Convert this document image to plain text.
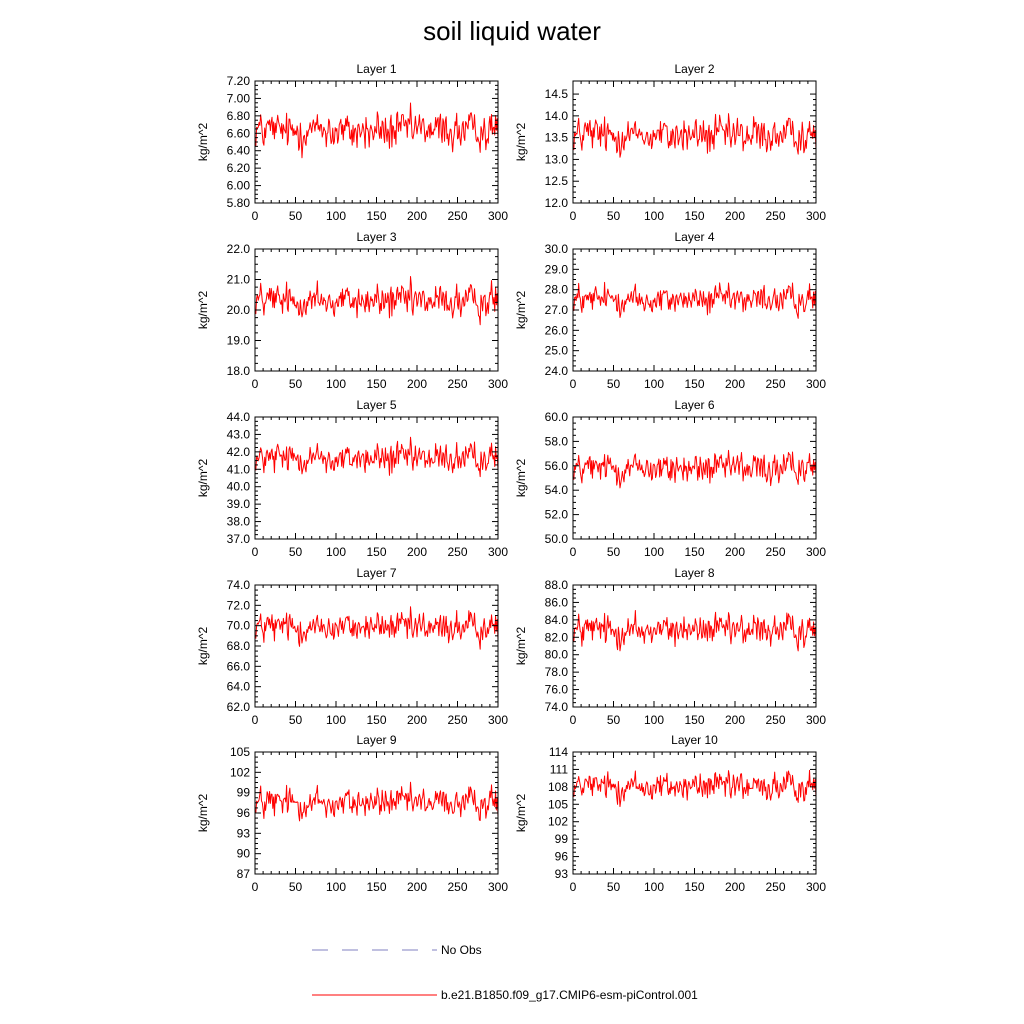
soil liquid water
Layer 1
kg/m^2
0	50 100 150 200 250 300
5.80
6.00
6.20
6.40
6.60
6.80
7.00
7.20
Layer 2
kg/m^2
0	50 100 150 200 250 300
12.0
12.5
13.0
13.5
14.0
14.5
Layer 3
kg/m^2
0	50 100 150 200 250 300
18.0
19.0
20.0
21.0
22.0
Layer 4
kg/m^2
0	50 100 150 200 250 300
24.0
25.0
26.0
27.0
28.0
29.0
30.0
Layer 5
kg/m^2
0	50 100 150 200 250 300
37.0
38.0
39.0
40.0
41.0
42.0
43.0
44.0
Layer 6
kg/m^2
0	50 100 150 200 250 300
50.0
52.0
54.0
56.0
58.0
60.0
Layer 7
kg/m^2
0	50 100 150 200 250 300
62.0
64.0
66.0
68.0
70.0
72.0
74.0
Layer 8
kg/m^2
0	50 100 150 200 250 300
74.0
76.0
78.0
80.0
82.0
84.0
86.0
88.0
Layer 9
kg/m^2
0	50 100 150 200 250 300
87
90
93
96
99
102
105
Layer 10
kg/m^2
0	50 100 150 200 250 300
93
96
99
102
105
108
111
114
No Obs
b.e21.B1850.f09_g17.CMIP6-esm-piControl.001
